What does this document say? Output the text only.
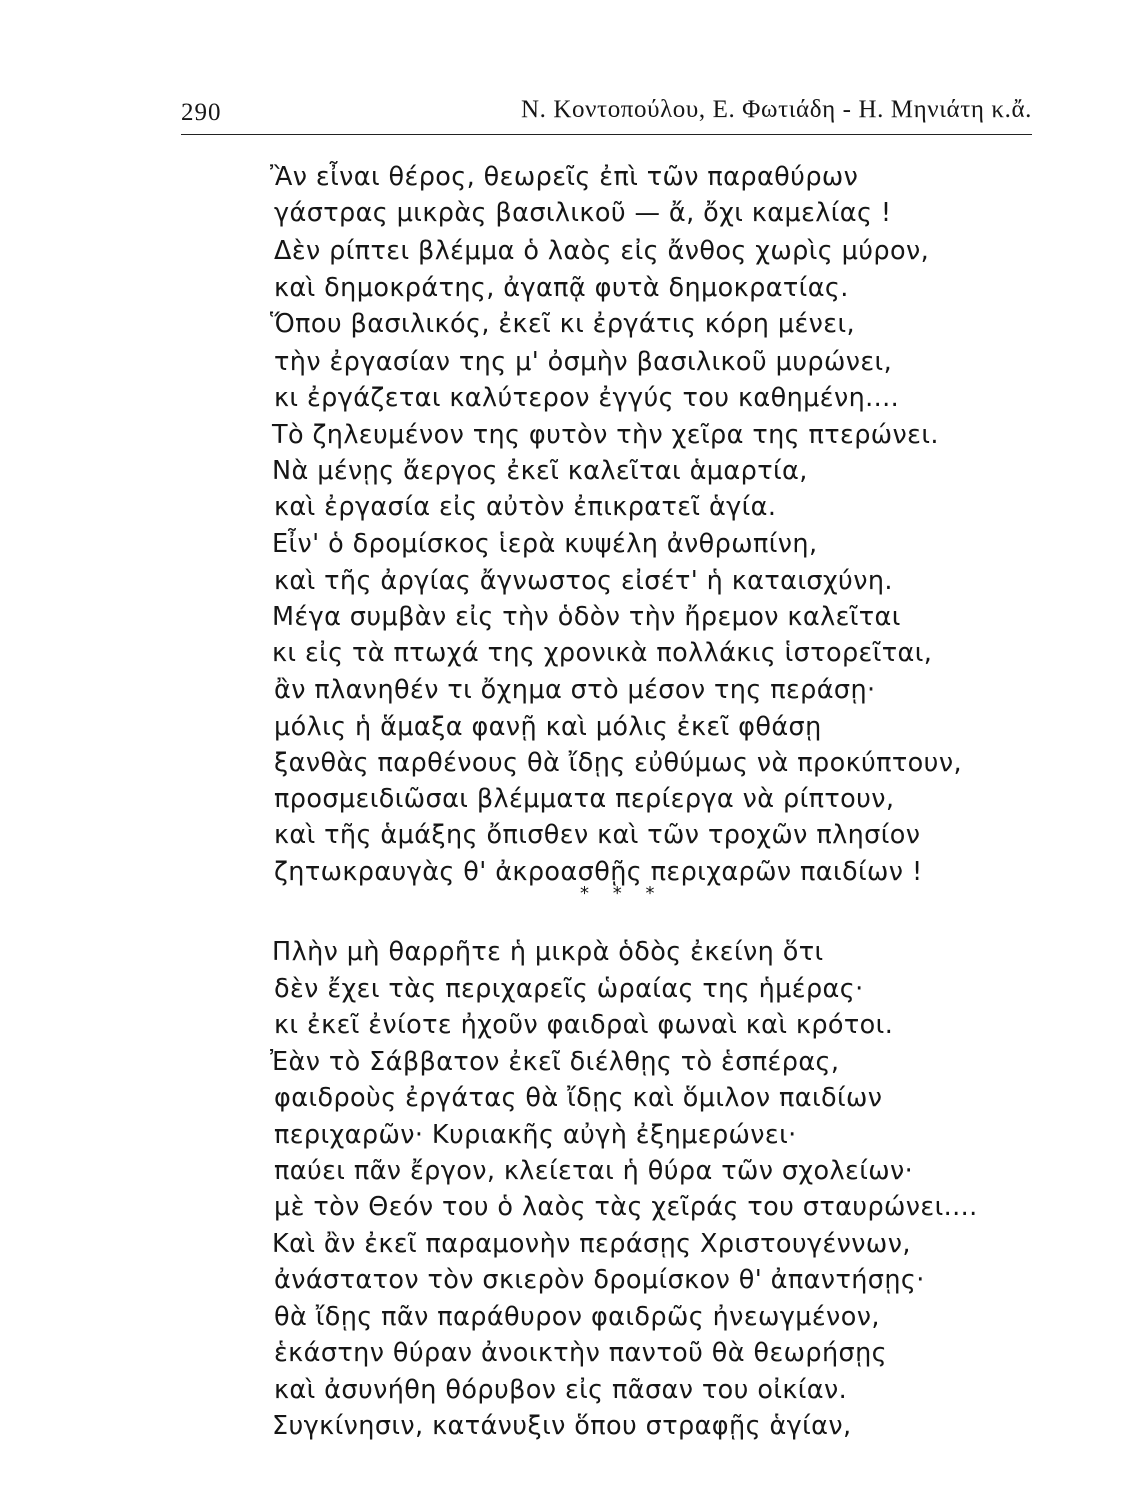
290	Ν. Κοντοπούλου, Ε. Φωτιάδη - Η. Μηνιάτη κ.ἄ.
Ἂν εἶναι θέρος, θεωρεῖς ἐπὶ τῶν παραθύρων
γάστρας μικρὰς βασιλικοῦ — ἄ, ὄχι καμελίας !
Δὲν ρίπτει βλέμμα ὁ λαὸς εἰς ἄνθος χωρὶς μύρον,
καὶ δημοκράτης, ἀγαπᾷ φυτὰ δημοκρατίας.
Ὅπου βασιλικός, ἐκεῖ κι ἐργάτις κόρη μένει,
τὴν ἐργασίαν της μ' ὀσμὴν βασιλικοῦ μυρώνει,
κι ἐργάζεται καλύτερον ἐγγύς του καθημένη....
Τὸ ζηλευμένον της φυτὸν τὴν χεῖρα της πτερώνει.
Νὰ μένῃς ἄεργος ἐκεῖ καλεῖται ἁμαρτία,
καὶ ἐργασία εἰς αὐτὸν ἐπικρατεῖ ἁγία.
Εἶν' ὁ δρομίσκος ἱερὰ κυψέλη ἀνθρωπίνη,
καὶ τῆς ἀργίας ἄγνωστος εἰσέτ' ἡ καταισχύνη.
Μέγα συμβὰν εἰς τὴν ὁδὸν τὴν ἤρεμον καλεῖται
κι εἰς τὰ πτωχά της χρονικὰ πολλάκις ἱστορεῖται,
ἂν πλανηθέν τι ὄχημα στὸ μέσον της περάσῃ·
μόλις ἡ ἅμαξα φανῇ καὶ μόλις ἐκεῖ φθάσῃ
ξανθὰς παρθένους θὰ ἴδῃς εὐθύμως νὰ προκύπτουν,
προσμειδιῶσαι βλέμματα περίεργα νὰ ρίπτουν,
καὶ τῆς ἁμάξης ὄπισθεν καὶ τῶν τροχῶν πλησίον
ζητωκραυγὰς θ' ἀκροασθῇς περιχαρῶν παιδίων !
* * *
Πλὴν μὴ θαρρῆτε ἡ μικρὰ ὁδὸς ἐκείνη ὅτι
δὲν ἔχει τὰς περιχαρεῖς ὡραίας της ἡμέρας·
κι ἐκεῖ ἐνίοτε ἠχοῦν φαιδραὶ φωναὶ καὶ κρότοι.
Ἐὰν τὸ Σάββατον ἐκεῖ διέλθῃς τὸ ἑσπέρας,
φαιδροὺς ἐργάτας θὰ ἴδῃς καὶ ὅμιλον παιδίων
περιχαρῶν· Κυριακῆς αὐγὴ ἐξημερώνει·
παύει πᾶν ἔργον, κλείεται ἡ θύρα τῶν σχολείων·
μὲ τὸν Θεόν του ὁ λαὸς τὰς χεῖράς του σταυρώνει....
Καὶ ἂν ἐκεῖ παραμονὴν περάσῃς Χριστουγέννων,
ἀνάστατον τὸν σκιερὸν δρομίσκον θ' ἀπαντήσῃς·
θὰ ἴδῃς πᾶν παράθυρον φαιδρῶς ἠνεωγμένον,
ἑκάστην θύραν ἀνοικτὴν παντοῦ θὰ θεωρήσῃς
καὶ ἀσυνήθη θόρυβον εἰς πᾶσαν του οἰκίαν.
Συγκίνησιν, κατάνυξιν ὅπου στραφῇς ἁγίαν,
